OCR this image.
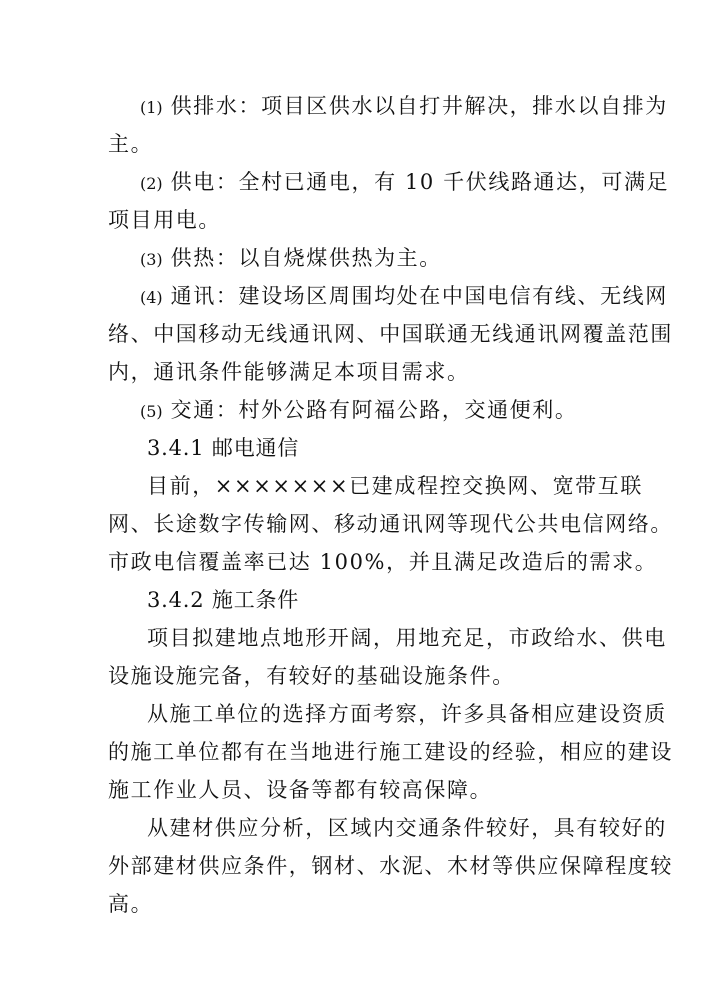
(1) 供排水：项目区供水以自打井解决，排水以自排为
主。
(2) 供电：全村已通电，有 10 千伏线路通达，可满足
项目用电。
(3) 供热：以自烧煤供热为主。
(4) 通讯：建设场区周围均处在中国电信有线、无线网
络、中国移动无线通讯网、中国联通无线通讯网覆盖范围
内，通讯条件能够满足本项目需求。
(5) 交通：村外公路有阿福公路，交通便利。
3.4.1 邮电通信
目前，×××××××已建成程控交换网、宽带互联
网、长途数字传输网、移动通讯网等现代公共电信网络。
市政电信覆盖率已达 100%，并且满足改造后的需求。
3.4.2 施工条件
项目拟建地点地形开阔，用地充足，市政给水、供电
设施设施完备，有较好的基础设施条件。
从施工单位的选择方面考察，许多具备相应建设资质
的施工单位都有在当地进行施工建设的经验，相应的建设
施工作业人员、设备等都有较高保障。
从建材供应分析，区域内交通条件较好，具有较好的
外部建材供应条件，钢材、水泥、木材等供应保障程度较
高。
